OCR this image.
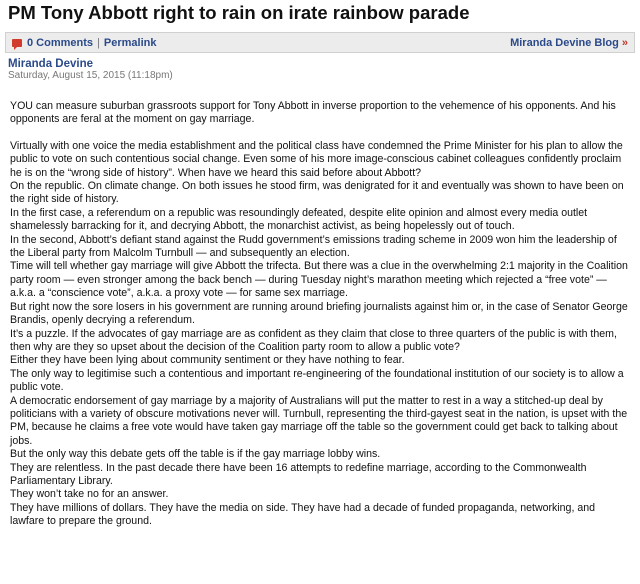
PM Tony Abbott right to rain on irate rainbow parade
0 Comments | Permalink	Miranda Devine Blog »
Miranda Devine
Saturday, August 15, 2015 (11:18pm)

YOU can measure suburban grassroots support for Tony Abbott in inverse proportion to the vehemence of his opponents. And his opponents are feral at the moment on gay marriage.

Virtually with one voice the media establishment and the political class have condemned the Prime Minister for his plan to allow the public to vote on such contentious social change. Even some of his more image-conscious cabinet colleagues confidently proclaim he is on the “wrong side of history”. When have we heard this said before about Abbott?

On the republic. On climate change. On both issues he stood firm, was denigrated for it and eventually was shown to have been on the right side of history.

In the first case, a referendum on a republic was resoundingly defeated, despite elite opinion and almost every media outlet shamelessly barracking for it, and decrying Abbott, the monarchist activist, as being hopelessly out of touch.

In the second, Abbott’s defiant stand against the Rudd government’s emissions trading scheme in 2009 won him the leadership of the Liberal party from Malcolm Turnbull — and subsequently an election.

Time will tell whether gay marriage will give Abbott the trifecta. But there was a clue in the overwhelming 2:1 majority in the Coalition party room — even stronger among the back bench — during Tuesday night’s marathon meeting which rejected a “free vote” — a.k.a. a “conscience vote”, a.k.a. a proxy vote — for same sex marriage.

But right now the sore losers in his government are running around briefing journalists against him or, in the case of Senator George Brandis, openly decrying a referendum.

It’s a puzzle. If the advocates of gay marriage are as confident as they claim that close to three quarters of the public is with them, then why are they so upset about the decision of the Coalition party room to allow a public vote?

Either they have been lying about community sentiment or they have nothing to fear.

The only way to legitimise such a contentious and important re-engineering of the foundational institution of our society is to allow a public vote.

A democratic endorsement of gay marriage by a majority of Australians will put the matter to rest in a way a stitched-up deal by politicians with a variety of obscure motivations never will. Turnbull, representing the third-gayest seat in the nation, is upset with the PM, because he claims a free vote would have taken gay marriage off the table so the government could get back to talking about jobs.

But the only way this debate gets off the table is if the gay marriage lobby wins.

They are relentless. In the past decade there have been 16 attempts to redefine marriage, according to the Commonwealth Parliamentary Library.

They won’t take no for an answer.

They have millions of dollars. They have the media on side. They have had a decade of funded propaganda, networking, and lawfare to prepare the ground.
